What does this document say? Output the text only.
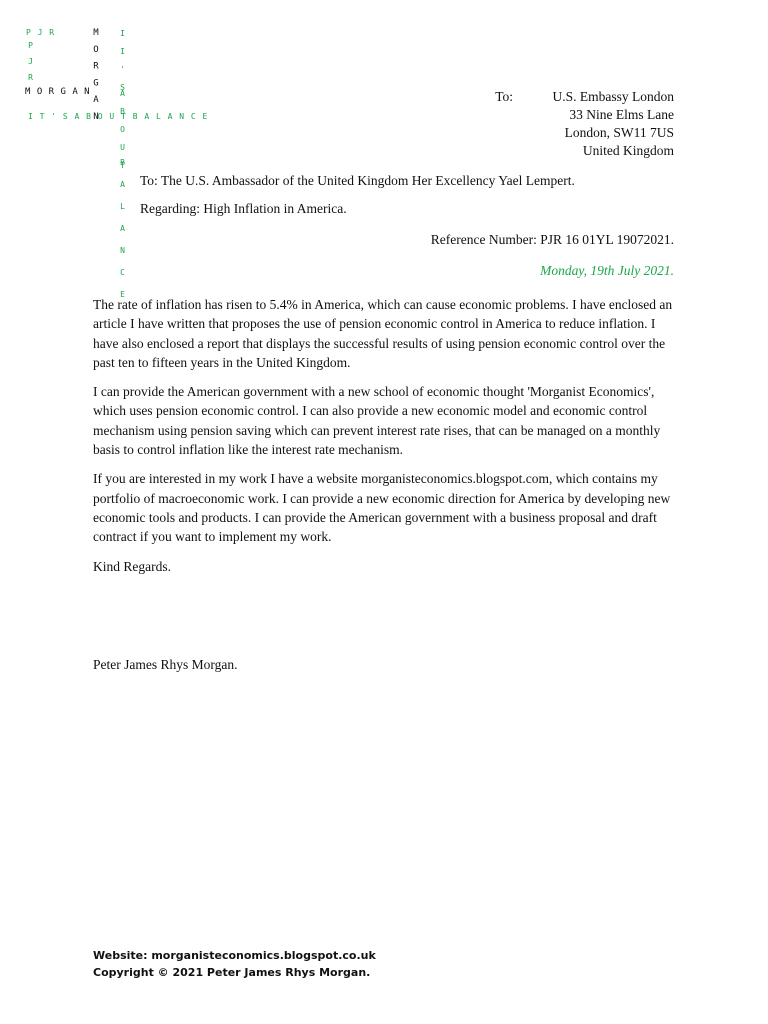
P J R
P J R	M O R G A N
M O R G A N	I I ' S
A B O U T
I T ' S A B O U T B A L A N C E
B A L A N C E
To:	U.S. Embassy London
33 Nine Elms Lane
London, SW11 7US
United Kingdom
To: The U.S. Ambassador of the United Kingdom Her Excellency Yael Lempert.
Regarding: High Inflation in America.
Reference Number: PJR 16 01YL 19072021.
Monday, 19th July 2021.

The rate of inflation has risen to 5.4% in America, which can cause economic problems. I have enclosed an article I have written that proposes the use of pension economic control in America to reduce inflation. I have also enclosed a report that displays the successful results of using pension economic control over the past ten to fifteen years in the United Kingdom.

I can provide the American government with a new school of economic thought 'Morganist Economics', which uses pension economic control. I can also provide a new economic model and economic control mechanism using pension saving which can prevent interest rate rises, that can be managed on a monthly basis to control inflation like the interest rate mechanism.

If you are interested in my work I have a website morganisteconomics.blogspot.com, which contains my portfolio of macroeconomic work. I can provide a new economic direction for America by developing new economic tools and products. I can provide the American government with a business proposal and draft contract if you want to implement my work.

Kind Regards.

Peter James Rhys Morgan.
Website: morganisteconomics.blogspot.co.uk
Copyright © 2021 Peter James Rhys Morgan.
